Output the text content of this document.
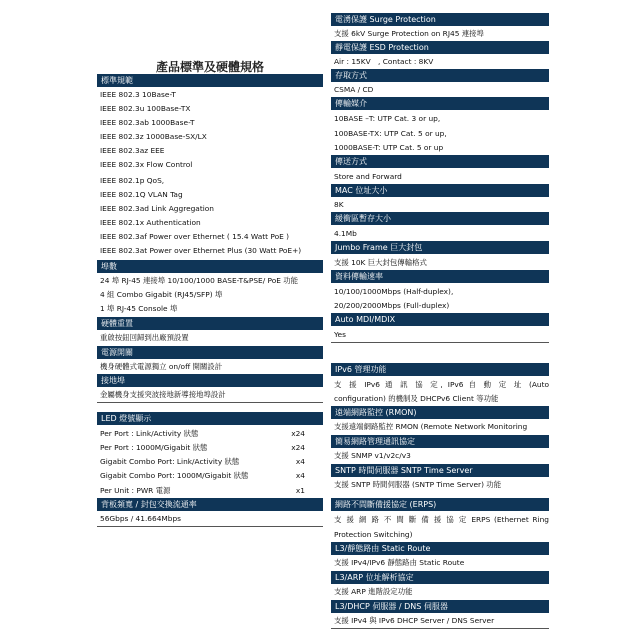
產品標準及硬體規格
標準規範
IEEE 802.3 10Base-T
IEEE 802.3u 100Base-TX
IEEE 802.3ab 1000Base-T
IEEE 802.3z 1000Base-SX/LX
IEEE 802.3az EEE
IEEE 802.3x Flow Control
IEEE 802.1p QoS,
IEEE 802.1Q VLAN Tag
IEEE 802.3ad Link Aggregation
IEEE 802.1x Authentication
IEEE 802.3af Power over Ethernet ( 15.4 Watt PoE )
IEEE 802.3at Power over Ethernet Plus (30 Watt PoE+)
埠數
24 埠 RJ-45 連接埠 10/100/1000 BASE-T&PSE/ PoE 功能
4 組 Combo Gigabit (RJ45/SFP) 埠
1 埠 RJ-45 Console 埠
硬體重置
重啟按鈕回歸到出廠預設置
電源開關
機身硬體式電源獨立 on/off 開關設計
接地埠
金屬機身支援突波接地新導接地埠設計
LED 燈號顯示
Per Port : Link/Activity 狀態	x24
Per Port : 1000M/Gigabit 狀態	x24
Gigabit Combo Port: Link/Activity 狀態	x4
Gigabit Combo Port: 1000M/Gigabit 狀態	x4
Per Unit : PWR 電源	x1
背板頻寬 / 封包交換流通率
56Gbps / 41.664Mbps
電湧保護 Surge Protection
支援 6kV Surge Protection on RJ45 連接埠
靜電保護 ESD Protection
Air : 15KV　, Contact : 8KV
存取方式
CSMA / CD
傳輸媒介
10BASE –T: UTP Cat. 3 or up,
100BASE-TX: UTP Cat. 5 or up,
1000BASE-T: UTP Cat. 5 or up
傳送方式
Store and Forward
MAC 位址大小
8K
緩衝區暫存大小
4.1Mb
Jumbo Frame 巨大封包
支援 10K 巨大封包傳輸格式
資料傳輸速率
10/100/1000Mbps (Half-duplex),
20/200/2000Mbps (Full-duplex)
Auto MDI/MDIX
Yes
IPv6 管理功能
支 援 IPv6 通 訊 協 定, IPv6 自 動 定 址 (Auto
configuration) 的機制及 DHCPv6 Client 等功能
遠端網路監控 (RMON)
支援遠端網路監控 RMON (Remote Network Monitoring
簡易網路管理通訊協定
支援 SNMP v1/v2c/v3
SNTP 時間伺服器 SNTP Time Server
支援 SNTP 時間伺服器 (SNTP Time Server) 功能
網路不間斷備援協定 (ERPS)
支 援 網 路 不 間 斷 備 援 協 定 ERPS (Ethernet Ring
Protection Switching)
L3/靜態路由 Static Route
支援 IPv4/IPv6 靜態路由 Static Route
L3/ARP 位址解析協定
支援 ARP 進階設定功能
L3/DHCP 伺服器 / DNS 伺服器
支援 IPv4 與 IPv6 DHCP Server / DNS Server
